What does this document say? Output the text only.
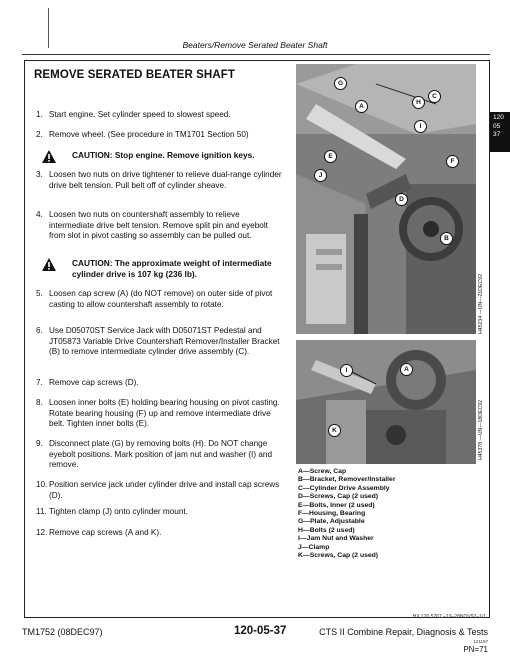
Beaters/Remove Serated Beater Shaft
120
05
37
REMOVE SERATED BEATER SHAFT
1. Start engine. Set cylinder speed to slowest speed.
2. Remove wheel. (See procedure in TM1701 Section 50)
CAUTION: Stop engine. Remove ignition keys.
3. Loosen two nuts on drive tightener to relieve dual-range cylinder drive belt tension. Pull belt off of cylinder sheave.
4. Loosen two nuts on countershaft assembly to relieve intermediate drive belt tension. Remove split pin and eyebolt from slot in pivot casting so assembly can be pulled out.
CAUTION: The approximate weight of intermediate cylinder drive is 107 kg (236 lb).
5. Loosen cap screw (A) (do NOT remove) on outer side of pivot casting to allow countershaft assembly to rotate.
6. Use D05070ST Service Jack with D05071ST Pedestal and JT05873 Variable Drive Countershaft Remover/Installer Bracket (B) to remove intermediate cylinder drive assembly (C).
7. Remove cap screws (D).
8. Loosen inner bolts (E) holding bearing housing on pivot casting. Rotate bearing housing (F) up and remove intermediate drive belt. Tighten inner bolts (E).
9. Disconnect plate (G) by removing bolts (H). Do NOT change eyebolt positions. Mark position of jam nut and washer (I) and remove.
10. Position service jack under cylinder drive and install cap screws (D).
11. Tighten clamp (J) onto cylinder mount.
12. Remove cap screws (A and K).
G
A
H
C
I
E
F
J
D
B
H45234 —UN—21DEC92
I	A
K	H45378 —UN—18DEC92
A—Screw, Cap
B—Bracket, Remover/Installer
C—Cylinder Drive Assembly
D—Screws, Cap (2 used)
E—Bolts, Inner (2 used)
F—Housing, Bearing
G—Plate, Adjustable
H—Bolts (2 used)
I—Jam Nut and Washer
J—Clamp
K—Screws, Cap (2 used)
HX,120,5267 –19–28NOV97–1/1
TM1752 (08DEC97)	120-05-37	CTS II Combine Repair, Diagnosis & Tests
121197
PN=71
